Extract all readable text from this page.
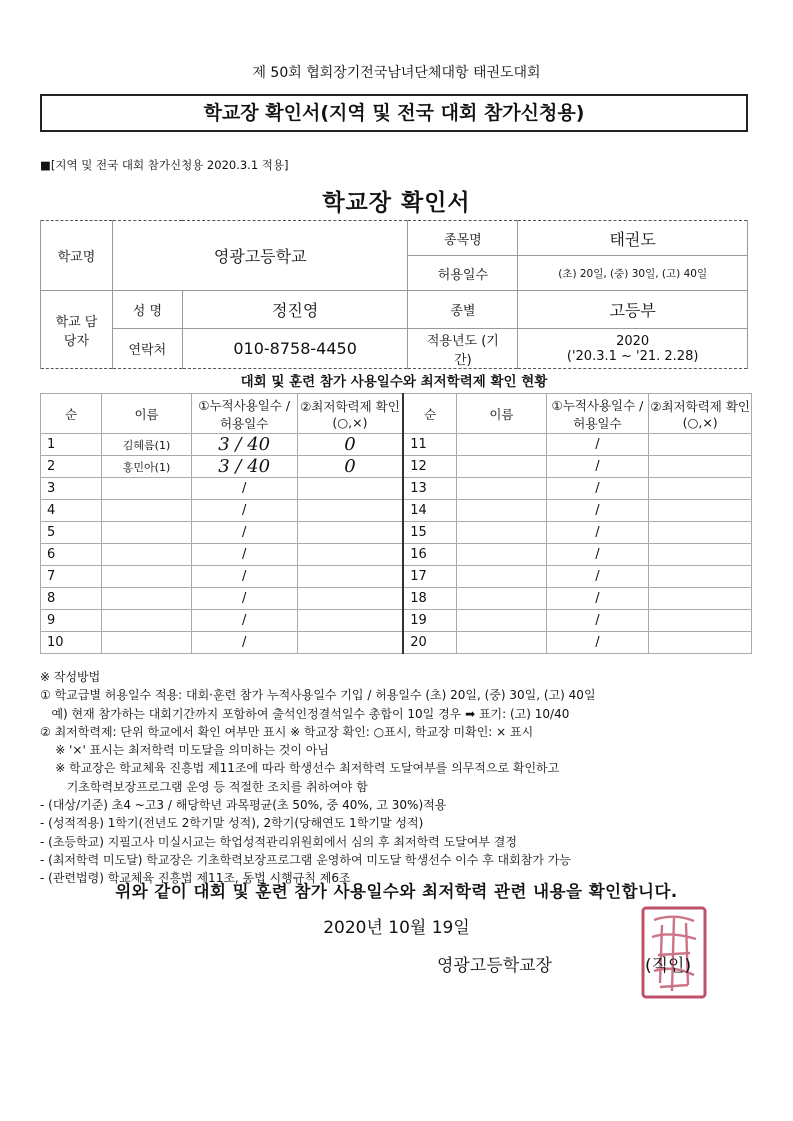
제 50회 협회장기전국남녀단체대항 태권도대회
학교장 확인서(지역 및 전국 대회 참가신청용)
■[지역 및 전국 대회 참가신청용 2020.3.1 적용]
학교장 확인서
학교명	영광고등학교		종목명	태권도
			허용일수	(초) 20일, (중) 30일, (고) 40일
학교 담당자	성 명	정진영	종별	고등부
	연락처	010-8758-4450	적용년도 (기간)	2020
('20.3.1 ~ '21. 2.28)
대회 및 훈련 참가 사용일수와 최저학력제 확인 현황
순	이름	①누적사용일수 /허용일수	②최저학력제 확인(○,×)	순	이름	①누적사용일수 /허용일수	②최저학력제 확인(○,×)
1	김혜름(1)	3 / 40	0	11		/	
2	홍민아(1)	3 / 40	0	12		/	
3		/		13		/	
4		/		14		/	
5		/		15		/	
6		/		16		/	
7		/		17		/	
8		/		18		/	
9		/		19		/	
10		/		20		/	
※ 작성방법
① 학교급별 허용일수 적용: 대회·훈련 참가 누적사용일수 기입 / 허용일수 (초) 20일, (중) 30일, (고) 40일
예) 현재 참가하는 대회기간까지 포함하여 출석인정결석일수 총합이 10일 경우 ➡ 표기: (고) 10/40
② 최저학력제: 단위 학교에서 확인 여부만 표시 ※ 학교장 확인: ○표시, 학교장 미확인: × 표시
※ '×' 표시는 최저학력 미도달을 의미하는 것이 아님
※ 학교장은 학교체육 진흥법 제11조에 따라 학생선수 최저학력 도달여부를 의무적으로 확인하고
기초학력보장프로그램 운영 등 적절한 조치를 취하여야 함
- (대상/기준) 초4 ~고3 / 해당학년 과목평균(초 50%, 중 40%, 고 30%)적용
- (성적적용) 1학기(전년도 2학기말 성적), 2학기(당해연도 1학기말 성적)
- (초등학교) 지필고사 미실시교는 학업성적관리위원회에서 심의 후 최저학력 도달여부 결정
- (최저학력 미도달) 학교장은 기초학력보장프로그램 운영하여 미도달 학생선수 이수 후 대회참가 가능
- (관련법령) 학교체육 진흥법 제11조, 동법 시행규칙 제6조
위와 같이 대회 및 훈련 참가 사용일수와 최저학력 관련 내용을 확인합니다.
2020년 10월 19일
영광고등학교장	(직인)
